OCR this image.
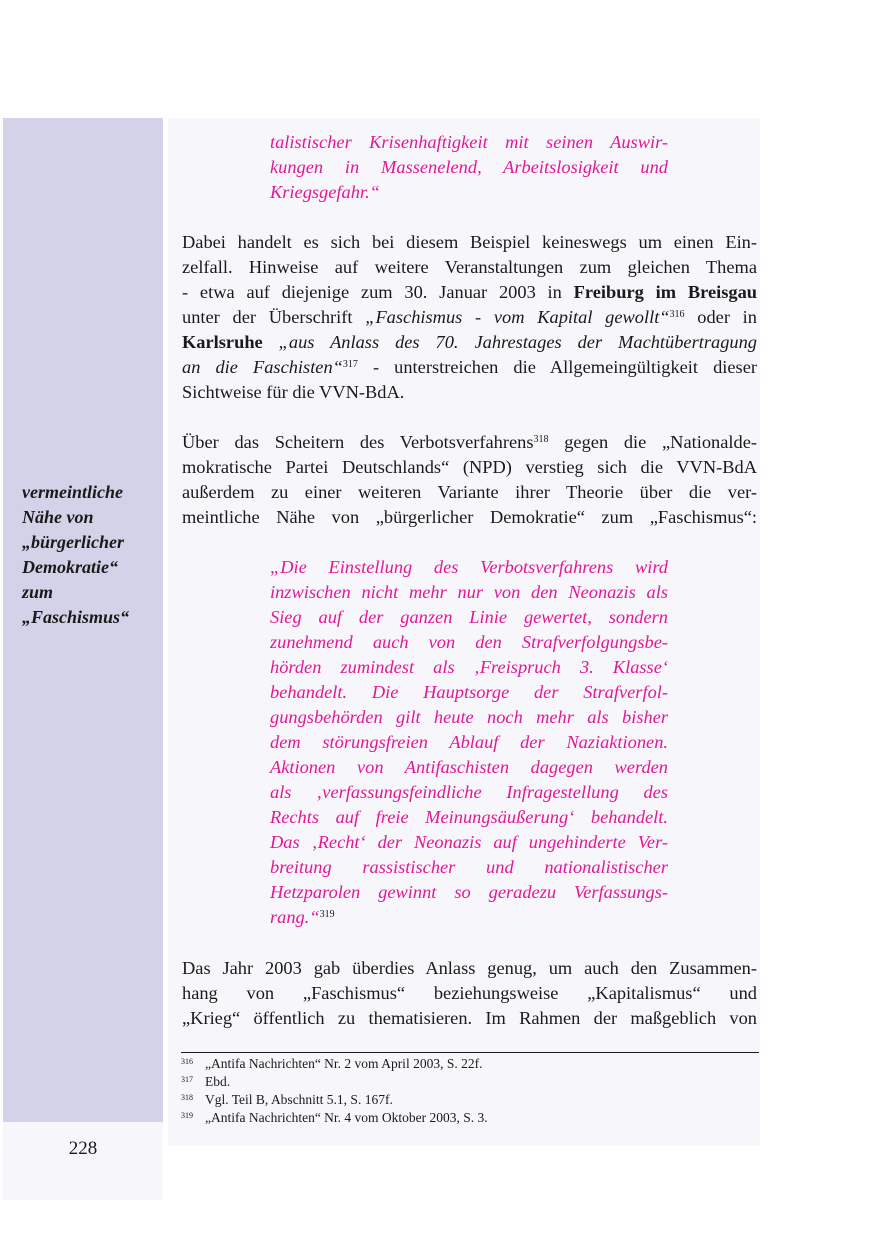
228
vermeintliche
Nähe von
„bürgerlicher
Demokratie“
zum
„Faschismus“
talistischer Krisenhaftigkeit mit seinen Auswir-
kungen in Massenelend, Arbeitslosigkeit und
Kriegsgefahr.“
Dabei handelt es sich bei diesem Beispiel keineswegs um einen Ein-
zelfall. Hinweise auf weitere Veranstaltungen zum gleichen Thema
- etwa auf diejenige zum 30. Januar 2003 in Freiburg im Breisgau
unter der Überschrift „Faschismus - vom Kapital gewollt“$^{316}$ oder in
Karlsruhe „aus Anlass des 70. Jahrestages der Machtübertragung
an die Faschisten“$^{317}$ - unterstreichen die Allgemeingültigkeit dieser
Sichtweise für die VVN-BdA.
Über das Scheitern des Verbotsverfahrens$^{318}$ gegen die „Nationalde-
mokratische Partei Deutschlands“ (NPD) verstieg sich die VVN-BdA
außerdem zu einer weiteren Variante ihrer Theorie über die ver-
meintliche Nähe von „bürgerlicher Demokratie“ zum „Faschismus“:
„Die Einstellung des Verbotsverfahrens wird
inzwischen nicht mehr nur von den Neonazis als
Sieg auf der ganzen Linie gewertet, sondern
zunehmend auch von den Strafverfolgungsbe-
hörden zumindest als ‚Freispruch 3. Klasse‘
behandelt. Die Hauptsorge der Strafverfol-
gungsbehörden gilt heute noch mehr als bisher
dem störungsfreien Ablauf der Naziaktionen.
Aktionen von Antifaschisten dagegen werden
als ‚verfassungsfeindliche Infragestellung des
Rechts auf freie Meinungsäußerung‘ behandelt.
Das ‚Recht‘ der Neonazis auf ungehinderte Ver-
breitung rassistischer und nationalistischer
Hetzparolen gewinnt so geradezu Verfassungs-
rang.“$^{319}$
Das Jahr 2003 gab überdies Anlass genug, um auch den Zusammen-
hang von „Faschismus“ beziehungsweise „Kapitalismus“ und
„Krieg“ öffentlich zu thematisieren. Im Rahmen der maßgeblich von
316 „Antifa Nachrichten“ Nr. 2 vom April 2003, S. 22f.
317 Ebd.
318 Vgl. Teil B, Abschnitt 5.1, S. 167f.
319 „Antifa Nachrichten“ Nr. 4 vom Oktober 2003, S. 3.
